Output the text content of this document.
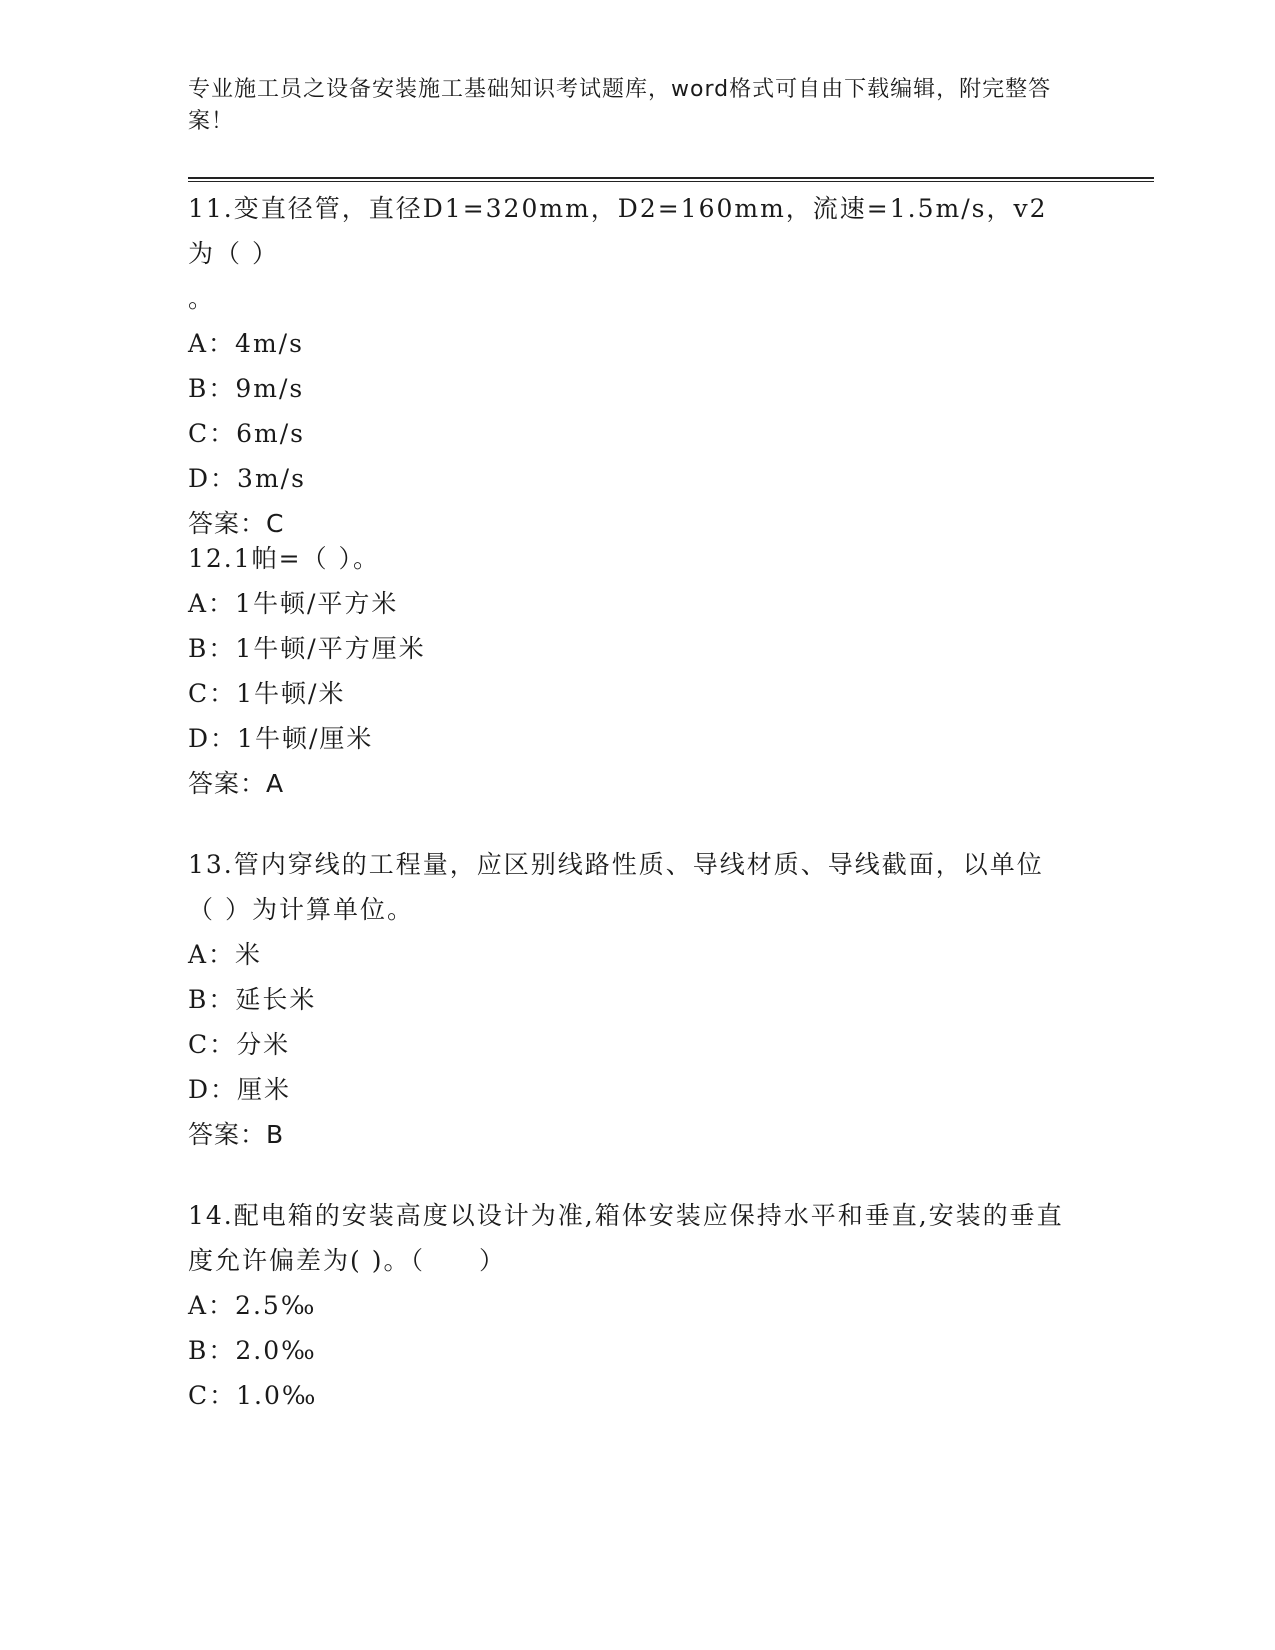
专业施工员之设备安装施工基础知识考试题库，word格式可自由下载编辑，附完整答案！

11.变直径管，直径D1=320mm，D2=160mm，流速=1.5m/s，v2为（ ）
。

A：4m/s

B：9m/s

C：6m/s

D：3m/s

答案：C

12.1帕=（ ）。

A：1牛顿/平方米

B：1牛顿/平方厘米

C：1牛顿/米

D：1牛顿/厘米

答案：A

13.管内穿线的工程量，应区别线路性质、导线材质、导线截面，以单位（ ）为计算单位。

A：米

B：延长米

C：分米

D：厘米

答案：B

14.配电箱的安装高度以设计为准,箱体安装应保持水平和垂直,安装的垂直度允许偏差为( )。（　　）

A：2.5‰

B：2.0‰

C：1.0‰
